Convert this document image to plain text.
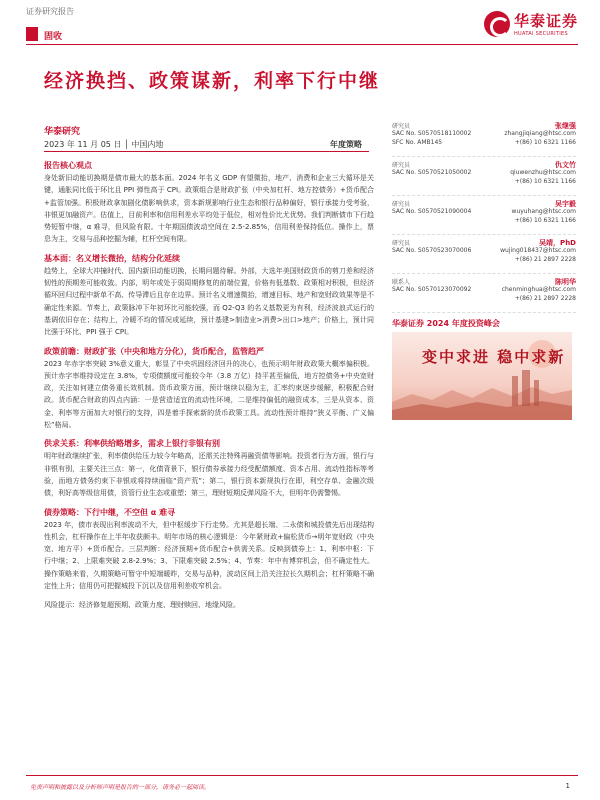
证券研究报告
华泰证券
HUATAI SECURITIES
固收
经济换挡、政策谋新，利率下行中继
华泰研究
2023 年 11 月 05 日 │ 中国内地	年度策略
报告核心观点
身处新旧动能切换期是债市最大的基本面。2024 年名义 GDP 有望微抬，地产、消费和企业三大循环是关键，通胀同比低于环比且 PPI 弹性高于 CPI。政策组合是财政扩张（中央加杠杆、地方控债务）+货币配合+监管加强。积极财政拿加剧化债影响供求，资本新规影响行业生态和银行品种偏好，银行承接力受考验，非银更加融资产。估值上，目前利率和信用利差水平均处于低位，相对性价比尤优势。我们判断债市下行趋势短暂中继，α 难寻，但风险有限。十年期国债波动空间在 2.5-2.85%，信用利差保持低位。操作上，票息为主，交易与品种挖掘为辅，杠杆空间有限。
基本面：名义增长微抬，结构分化延续
趋势上，全球大冲撞时代、国内新旧动能切换，长期问题待解。外部，大选年美国财政货币的剪刀差和经济韧性的预期差可能收敛。内部，明年或处于弱周期修复的前端位置，价格有低基数、政策相对积极，但经济循环回归过程中新单不高、传导滞后且存在边界。预计名义增速微抬，增速目标、地产和宽财政效果等是不确定性来源。节奏上，政策脉冲下年初环比可能较强，而 Q2-Q3 的名义基数更为有利，经济波浪式运行的基调依旧存在；结构上，冷暖不均的情况或延续，预计基建>制造业>消费>出口>地产；价格上，预计同比强于环比、PPI 强于 CPI。
政策前瞻：财政扩张（中央和地方分化），货币配合，监管趋严
2023 年赤字率突破 3%意义重大，彰显了中央巩固经济回升的决心，也预示明年财政政策大概率偏积极。预计赤字率维持设定在 3.8%，专项债额度可能较今年（3.8 万亿）持平甚至偏低，地方控债务+中央宽财政，关注如何建立债务重长效机制。货币政策方面，预计继续以稳为主，汇率约束逐步缓解，积极配合财政。货币配合财政的四点内涵：一是营造适宜的流动性环境，二是维持偏低的融资成本，三是从资本、资金、利率等方面加大对银行的支持，四是着手探索新的货币政策工具。流动性预计维持“狭义平衡、广义偏松”格局。
供求关系：利率供给略增多，需求上银行非银有别
明年财政继续扩张，利率债供给压力较今年略高，还需关注特殊再融资债等影响。投资者行为方面，银行与非银有别，主要关注三点：第一，化债背景下，银行债券承接力经受配债额度、资本占用、流动性指标等考验，而地方债务约束下非银或将持续面临“资产荒”；第二，银行资本新规执行在即，利空存单、金融次级债，利好高等级信用债，资管行业生态或重塑；第三，理财短期反弹风险不大，但明年仍需警惕。
债券策略：下行中继，不空但 α 难寻
2023 年，债市表现出利率波动不大，但中枢缓步下行走势。尤其是超长端、二永债和城投债先后出现结构性机会，杠杆操作在上半年收获颇丰。明年市场的核心逻辑是：今年紧财政+偏松货币→明年宽财政（中央宽、地方平）+货币配合。三层判断：经济预期+货币配合+供需关系。反映到债券上：1、利率中枢：下行中继；2、上限难突破 2.8-2.9%；3、下限难突破 2.5%；4、节奏：年中有博弈机会，但不确定性大。操作策略来看，久期策略可暂守中短端暖昨，交易与品种，波动区间上沿关注拉长久期机会；杠杆策略不确定性上升；信用仍可把握城投下沉以及信用利差收窄机会。
风险提示：经济修复超预期、政策力度、理财赎回、地缘风险。
研究员	张继强
SAC No. S0570518110002	zhangjiqiang@htsc.com
SFC No. AMB145	+(86) 10 6321 1166
研究员	仇文竹
SAC No. S0570521050002	qiuwenzhu@htsc.com
+(86) 10 6321 1166
研究员	吴宇毅
SAC No. S0570521090004	wuyuhang@htsc.com
+(86) 10 6321 1166
研究员	吴靖，PhD
SAC No. S0570523070006	wujing018437@htsc.com
+(86) 21 2897 2228
联系人	陈明华
SAC No. S0570123070092	chenminghua@htsc.com
+(86) 21 2897 2228
华泰证券 2024 年度投资峰会
变中求进 稳中求新
免责声明和披露以及分析师声明是报告的一部分，请务必一起阅读。	1
